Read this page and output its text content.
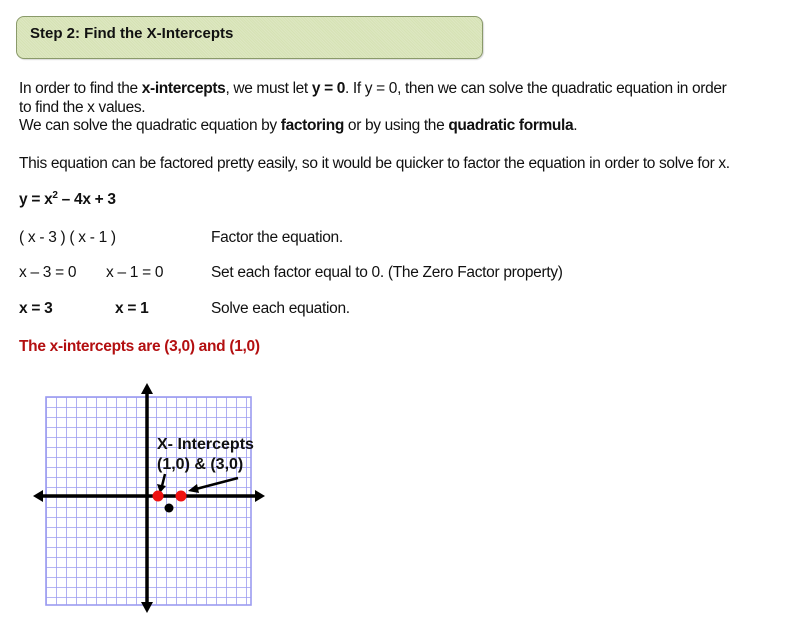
Step 2: Find the X-Intercepts
In order to find the x-intercepts, we must let y = 0. If y = 0, then we can solve the quadratic equation in order
to find the x values.
We can solve the quadratic equation by factoring or by using the quadratic formula.
This equation can be factored pretty easily, so it would be quicker to factor the equation in order to solve for x.
$y = x^2 - 4x + 3$
( x - 3 ) ( x - 1 )	Factor the equation.
x – 3 = 0 x – 1 = 0	Set each factor equal to 0. (The Zero Factor property)
x = 3	x = 1	Solve each equation.
The x-intercepts are (3,0) and (1,0)
X- Intercepts
(1,0) & (3,0)
